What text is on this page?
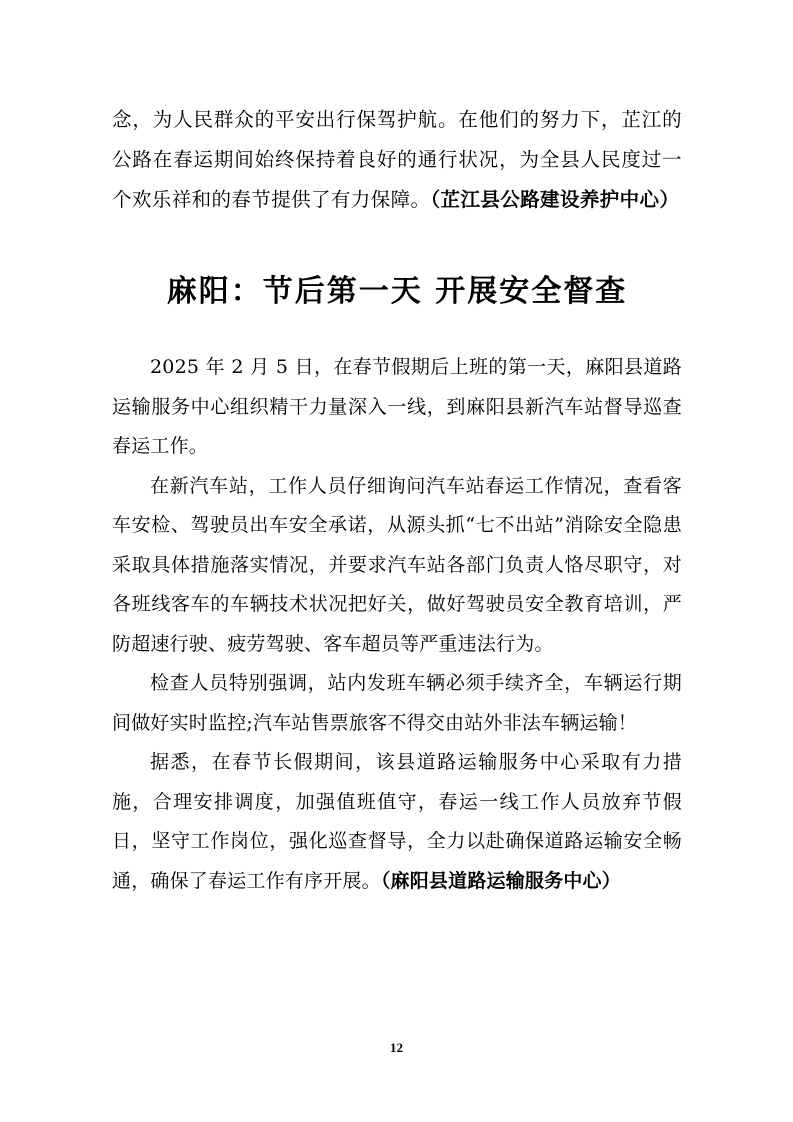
念，为人民群众的平安出行保驾护航。在他们的努力下，芷江的公路在春运期间始终保持着良好的通行状况，为全县人民度过一个欢乐祥和的春节提供了有力保障。（芷江县公路建设养护中心）

麻阳：节后第一天 开展安全督查

2025 年 2 月 5 日，在春节假期后上班的第一天，麻阳县道路运输服务中心组织精干力量深入一线，到麻阳县新汽车站督导巡查春运工作。

在新汽车站，工作人员仔细询问汽车站春运工作情况，查看客车安检、驾驶员出车安全承诺，从源头抓“七不出站”消除安全隐患采取具体措施落实情况，并要求汽车站各部门负责人恪尽职守，对各班线客车的车辆技术状况把好关，做好驾驶员安全教育培训，严防超速行驶、疲劳驾驶、客车超员等严重违法行为。

检查人员特别强调，站内发班车辆必须手续齐全，车辆运行期间做好实时监控;汽车站售票旅客不得交由站外非法车辆运输！

据悉，在春节长假期间，该县道路运输服务中心采取有力措施，合理安排调度，加强值班值守，春运一线工作人员放弃节假日，坚守工作岗位，强化巡查督导，全力以赴确保道路运输安全畅通，确保了春运工作有序开展。（麻阳县道路运输服务中心）

12
